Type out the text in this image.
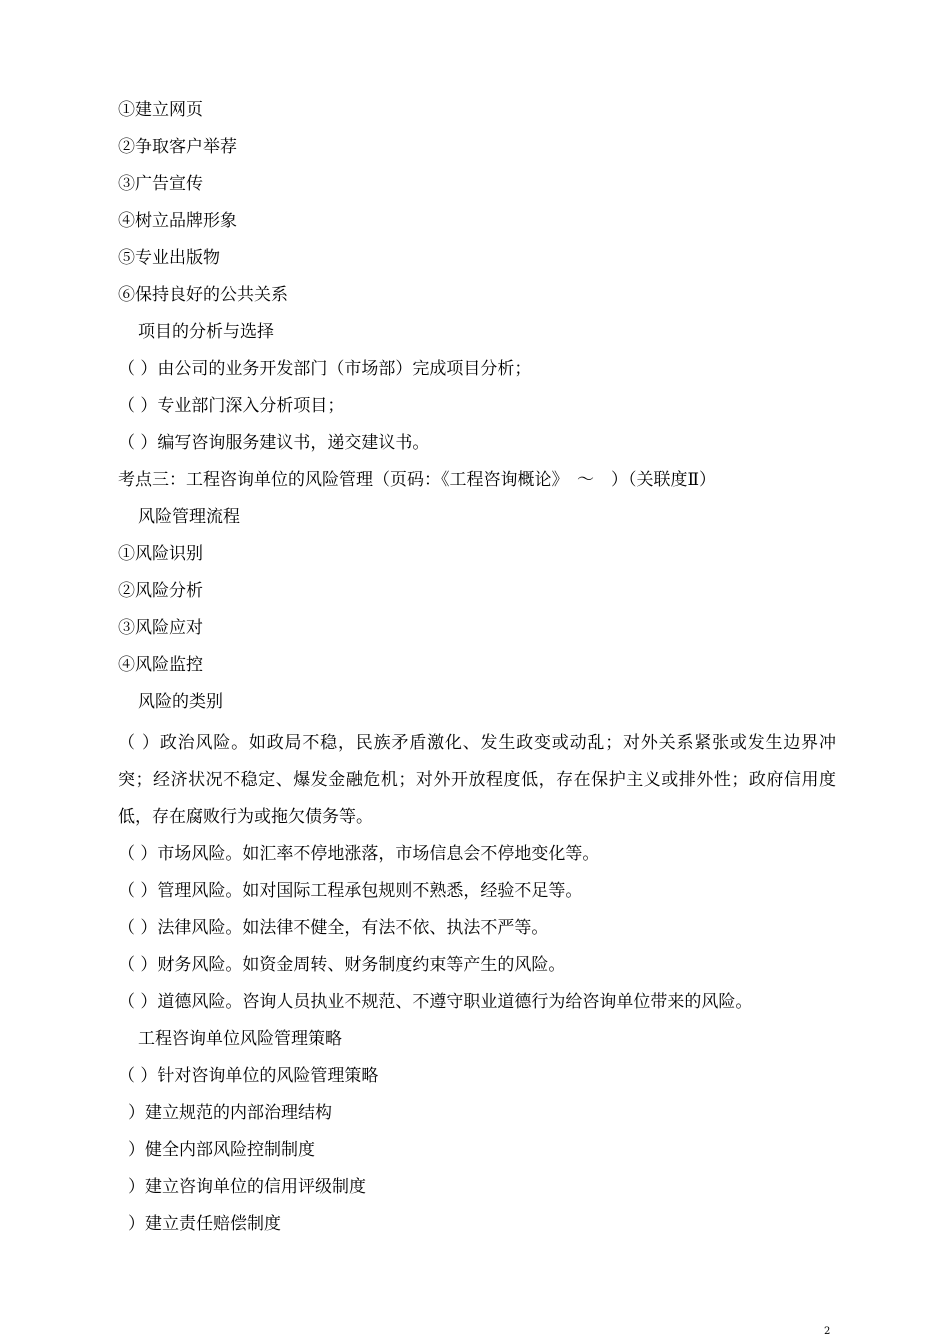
①建立网页
②争取客户举荐
③广告宣传
④树立品牌形象
⑤专业出版物
⑥保持良好的公共关系
项目的分析与选择
（ ）由公司的业务开发部门（市场部）完成项目分析；
（ ）专业部门深入分析项目；
（ ）编写咨询服务建议书，递交建议书。
考点三：工程咨询单位的风险管理（页码：《工程咨询概论》　～　）（关联度Ⅱ）
风险管理流程
①风险识别
②风险分析
③风险应对
④风险监控
风险的类别
（ ）政治风险。如政局不稳，民族矛盾激化、发生政变或动乱；对外关系紧张或发生边界冲突；经济状况不稳定、爆发金融危机；对外开放程度低，存在保护主义或排外性；政府信用度低，存在腐败行为或拖欠债务等。
（ ）市场风险。如汇率不停地涨落，市场信息会不停地变化等。
（ ）管理风险。如对国际工程承包规则不熟悉，经验不足等。
（ ）法律风险。如法律不健全，有法不依、执法不严等。
（ ）财务风险。如资金周转、财务制度约束等产生的风险。
（ ）道德风险。咨询人员执业不规范、不遵守职业道德行为给咨询单位带来的风险。
工程咨询单位风险管理策略
（ ）针对咨询单位的风险管理策略
）建立规范的内部治理结构
）健全内部风险控制制度
）建立咨询单位的信用评级制度
）建立责任赔偿制度
2
